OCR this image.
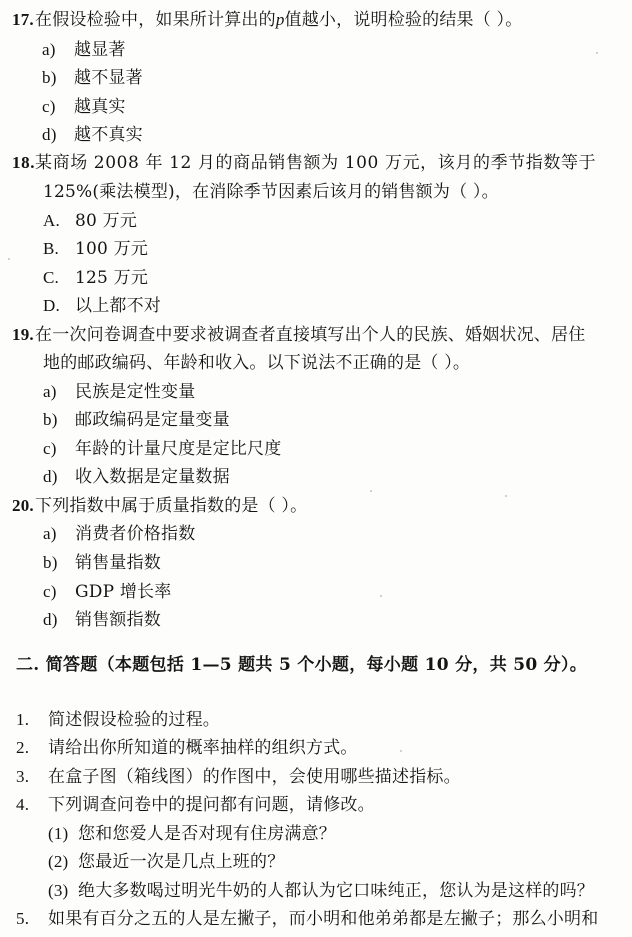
17.在假设检验中，如果所计算出的p值越小，说明检验的结果（ ）。
a) 越显著
b) 越不显著
c) 越真实
d) 越不真实
18.某商场 2008 年 12 月的商品销售额为 100 万元，该月的季节指数等于
125%(乘法模型)，在消除季节因素后该月的销售额为（ ）。
A. 80 万元
B. 100 万元
C. 125 万元
D. 以上都不对
19.在一次问卷调查中要求被调查者直接填写出个人的民族、婚姻状况、居住
地的邮政编码、年龄和收入。以下说法不正确的是（ ）。
a) 民族是定性变量
b) 邮政编码是定量变量
c) 年龄的计量尺度是定比尺度
d) 收入数据是定量数据
20.下列指数中属于质量指数的是（ ）。
a) 消费者价格指数
b) 销售量指数
c) GDP 增长率
d) 销售额指数
二. 简答题（本题包括 1—5 题共 5 个小题，每小题 10 分，共 50 分）。
1. 简述假设检验的过程。
2. 请给出你所知道的概率抽样的组织方式。
3. 在盒子图（箱线图）的作图中，会使用哪些描述指标。
4. 下列调查问卷中的提问都有问题，请修改。
(1) 您和您爱人是否对现有住房满意？
(2) 您最近一次是几点上班的？
(3) 绝大多数喝过明光牛奶的人都认为它口味纯正，您认为是这样的吗？
5. 如果有百分之五的人是左撇子，而小明和他弟弟都是左撇子；那么小明和
